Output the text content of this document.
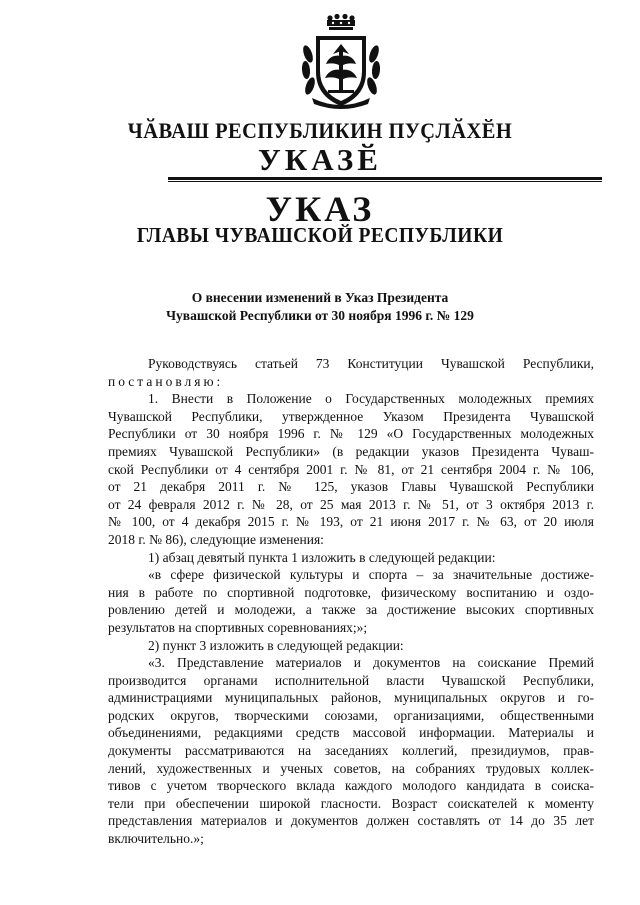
ЧӐВАШ РЕСПУБЛИКИН ПУҪЛӐХӖН
УКАЗӖ
УКАЗ
ГЛАВЫ ЧУВАШСКОЙ РЕСПУБЛИКИ
О внесении изменений в Указ Президента
Чувашской Республики от 30 ноября 1996 г. № 129
Руководствуясь статьей 73 Конституции Чувашской Республики,
постановляю:
1. Внести в Положение о Государственных молодежных премиях
Чувашской Республики, утвержденное Указом Президента Чувашской
Республики от 30 ноября 1996 г. № 129 «О Государственных молодежных
премиях Чувашской Республики» (в редакции указов Президента Чуваш-
ской Республики от 4 сентября 2001 г. № 81, от 21 сентября 2004 г. № 106,
от 21 декабря 2011 г. № 125, указов Главы Чувашской Республики
от 24 февраля 2012 г. № 28, от 25 мая 2013 г. № 51, от 3 октября 2013 г.
№ 100, от 4 декабря 2015 г. № 193, от 21 июня 2017 г. № 63, от 20 июля
2018 г. № 86), следующие изменения:
1) абзац девятый пункта 1 изложить в следующей редакции:
«в сфере физической культуры и спорта – за значительные достиже-
ния в работе по спортивной подготовке, физическому воспитанию и оздо-
ровлению детей и молодежи, а также за достижение высоких спортивных
результатов на спортивных соревнованиях;»;
2) пункт 3 изложить в следующей редакции:
«3. Представление материалов и документов на соискание Премий
производится органами исполнительной власти Чувашской Республики,
администрациями муниципальных районов, муниципальных округов и го-
родских округов, творческими союзами, организациями, общественными
объединениями, редакциями средств массовой информации. Материалы и
документы рассматриваются на заседаниях коллегий, президиумов, прав-
лений, художественных и ученых советов, на собраниях трудовых коллек-
тивов с учетом творческого вклада каждого молодого кандидата в соиска-
тели при обеспечении широкой гласности. Возраст соискателей к моменту
представления материалов и документов должен составлять от 14 до 35 лет
включительно.»;
